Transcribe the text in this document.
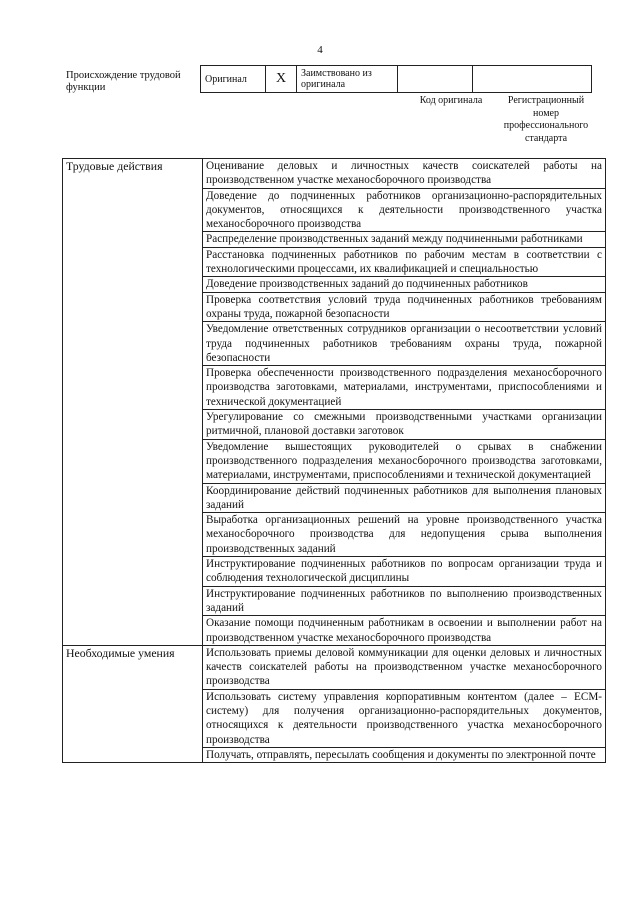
4
Происхождение трудовой функции
Оригинал	X	Заимствовано из оригинала		
Код оригинала	Регистрационный номер профессионального стандарта
Трудовые действия	Оценивание деловых и личностных качеств соискателей работы на производственном участке механосборочного производства
	Доведение до подчиненных работников организационно-распорядительных документов, относящихся к деятельности производственного участка механосборочного производства
	Распределение производственных заданий между подчиненными работниками
	Расстановка подчиненных работников по рабочим местам в соответствии с технологическими процессами, их квалификацией и специальностью
	Доведение производственных заданий до подчиненных работников
	Проверка соответствия условий труда подчиненных работников требованиям охраны труда, пожарной безопасности
	Уведомление ответственных сотрудников организации о несоответствии условий труда подчиненных работников требованиям охраны труда, пожарной безопасности
	Проверка обеспеченности производственного подразделения механосборочного производства заготовками, материалами, инструментами, приспособлениями и технической документацией
	Урегулирование со смежными производственными участками организации ритмичной, плановой доставки заготовок
	Уведомление вышестоящих руководителей о срывах в снабжении производственного подразделения механосборочного производства заготовками, материалами, инструментами, приспособлениями и технической документацией
	Координирование действий подчиненных работников для выполнения плановых заданий
	Выработка организационных решений на уровне производственного участка механосборочного производства для недопущения срыва выполнения производственных заданий
	Инструктирование подчиненных работников по вопросам организации труда и соблюдения технологической дисциплины
	Инструктирование подчиненных работников по выполнению производственных заданий
	Оказание помощи подчиненным работникам в освоении и выполнении работ на производственном участке механосборочного производства
Необходимые умения	Использовать приемы деловой коммуникации для оценки деловых и личностных качеств соискателей работы на производственном участке механосборочного производства
	Использовать систему управления корпоративным контентом (далее – ECM-систему) для получения организационно-распорядительных документов, относящихся к деятельности производственного участка механосборочного производства
	Получать, отправлять, пересылать сообщения и документы по электронной почте
